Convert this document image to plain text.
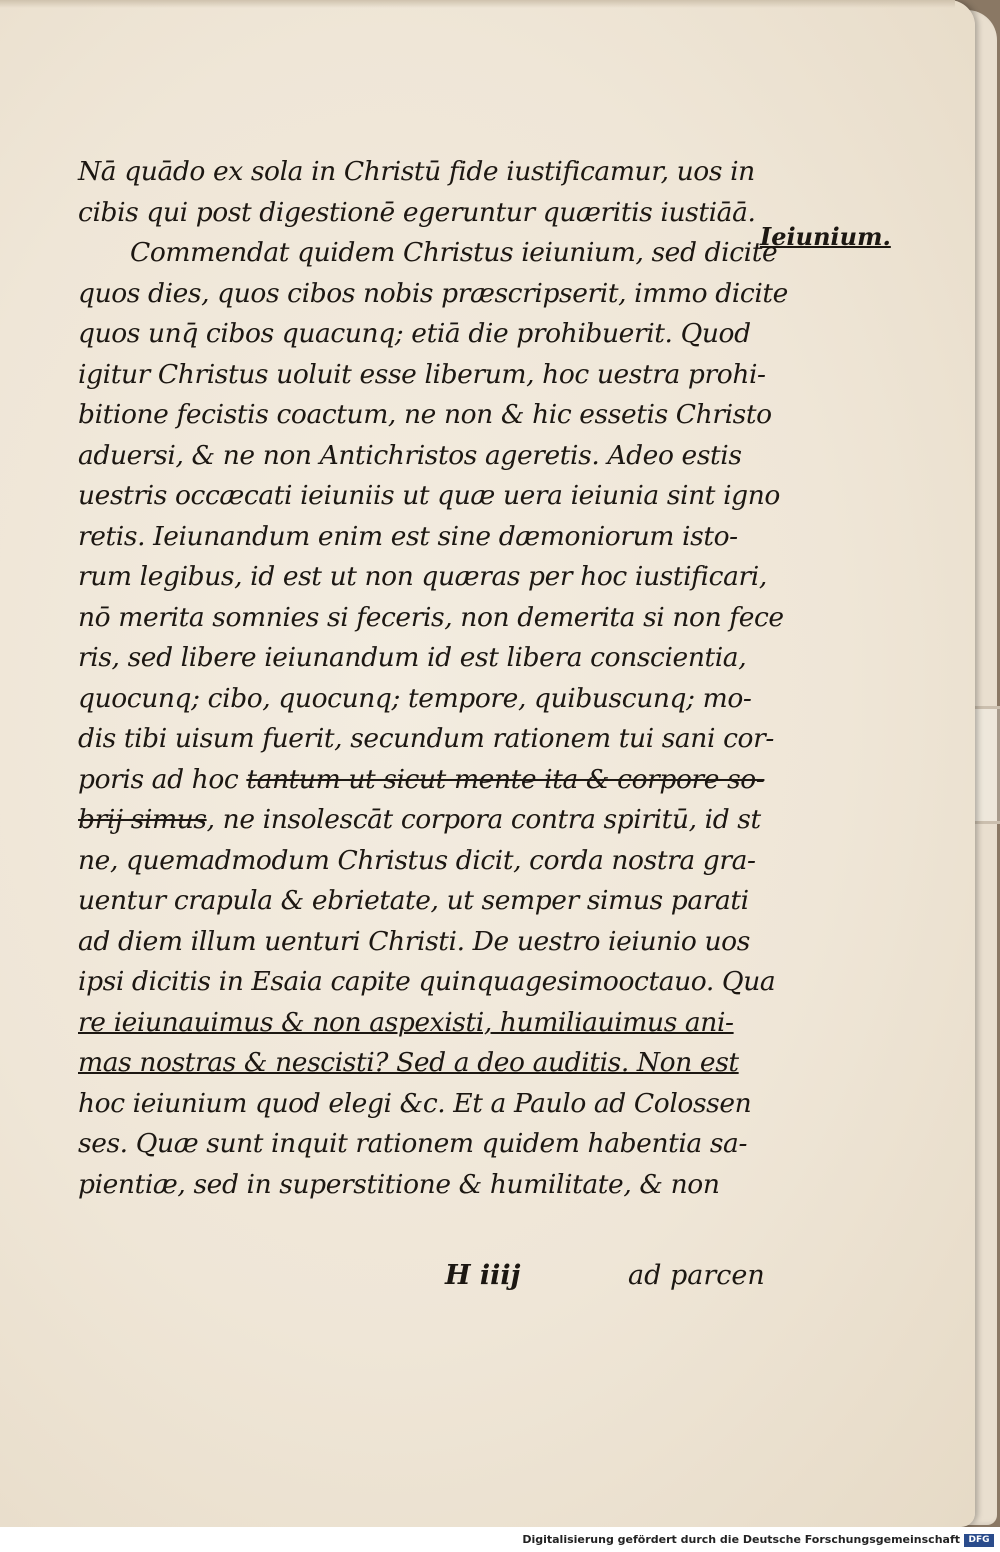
Nā quādo ex sola in Christū fide iustificamur, uos in
cibis qui post digestionē egeruntur quæritis iustiāā.
Commendat quidem Christus ieiunium, sed dicite
quos dies, quos cibos nobis præscripserit, immo dicite
quos unq̄ cibos quacunq; etiā die prohibuerit. Quod
igitur Christus uoluit esse liberum, hoc uestra prohi-
bitione fecistis coactum, ne non & hic essetis Christo
aduersi, & ne non Antichristos ageretis. Adeo estis
uestris occæcati ieiuniis ut quæ uera ieiunia sint igno
retis. Ieiunandum enim est sine dæmoniorum isto-
rum legibus, id est ut non quæras per hoc iustificari,
nō merita somnies si feceris, non demerita si non fece
ris, sed libere ieiunandum id est libera conscientia,
quocunq; cibo, quocunq; tempore, quibuscunq; mo-
dis tibi uisum fuerit, secundum rationem tui sani cor-
poris ad hoc tantum ut sicut mente ita & corpore so-
brij simus, ne insolescāt corpora contra spiritū, id st
ne, quemadmodum Christus dicit, corda nostra gra-
uentur crapula & ebrietate, ut semper simus parati
ad diem illum uenturi Christi. De uestro ieiunio uos
ipsi dicitis in Esaia capite quinquagesimooctauo. Qua
re ieiunauimus & non aspexisti, humiliauimus ani-
mas nostras & nescisti? Sed a deo auditis. Non est
hoc ieiunium quod elegi &c. Et a Paulo ad Colossen
ses. Quæ sunt inquit rationem quidem habentia sa-
pientiæ, sed in superstitione & humilitate, & non
Ieiunium.
H iiij	ad parcen
Digitalisierung gefördert durch die Deutsche Forschungsgemeinschaft DFG
